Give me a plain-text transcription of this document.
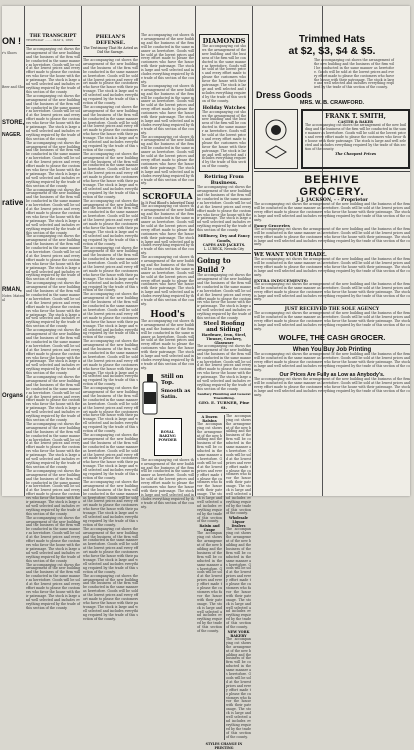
ON !
r's Shoes
Beer and Sho
STORE,
NAGER.
rative
RMAN,
Notes Material
Organs
THE TRANSCRIPT
THURSDAY ........ MAY 2, 1895
The accompanying cut shows the arrangement of the new building and the business of the firm will be conducted in the same manner as heretofore. Goods will be sold at the lowest prices and every effort made to please the customers who favor the house with their patronage. The stock is large and well selected and includes everything required by the trade of this section of the county.
The accompanying cut shows the arrangement of the new building and the business of the firm will be conducted in the same manner as heretofore. Goods will be sold at the lowest prices and every effort made to please the customers who favor the house with their patronage. The stock is large and well selected and includes everything required by the trade of this section of the county.
The accompanying cut shows the arrangement of the new building and the business of the firm will be conducted in the same manner as heretofore. Goods will be sold at the lowest prices and every effort made to please the customers who favor the house with their patronage. The stock is large and well selected and includes everything required by the trade of this section of the county.
The accompanying cut shows the arrangement of the new building and the business of the firm will be conducted in the same manner as heretofore. Goods will be sold at the lowest prices and every effort made to please the customers who favor the house with their patronage. The stock is large and well selected and includes everything required by the trade of this section of the county.
The accompanying cut shows the arrangement of the new building and the business of the firm will be conducted in the same manner as heretofore. Goods will be sold at the lowest prices and every effort made to please the customers who favor the house with their patronage. The stock is large and well selected and includes everything required by the trade of this section of the county.
The accompanying cut shows the arrangement of the new building and the business of the firm will be conducted in the same manner as heretofore. Goods will be sold at the lowest prices and every effort made to please the customers who favor the house with their patronage. The stock is large and well selected and includes everything required by the trade of this section of the county.
The accompanying cut shows the arrangement of the new building and the business of the firm will be conducted in the same manner as heretofore. Goods will be sold at the lowest prices and every effort made to please the customers who favor the house with their patronage. The stock is large and well selected and includes everything required by the trade of this section of the county.
The accompanying cut shows the arrangement of the new building and the business of the firm will be conducted in the same manner as heretofore. Goods will be sold at the lowest prices and every effort made to please the customers who favor the house with their patronage. The stock is large and well selected and includes everything required by the trade of this section of the county.
The accompanying cut shows the arrangement of the new building and the business of the firm will be conducted in the same manner as heretofore. Goods will be sold at the lowest prices and every effort made to please the customers who favor the house with their patronage. The stock is large and well selected and includes everything required by the trade of this section of the county.
The accompanying cut shows the arrangement of the new building and the business of the firm will be conducted in the same manner as heretofore. Goods will be sold at the lowest prices and every effort made to please the customers who favor the house with their patronage. The stock is large and well selected and includes everything required by the trade of this section of the county.
The accompanying cut shows the arrangement of the new building and the business of the firm will be conducted in the same manner as heretofore. Goods will be sold at the lowest prices and every effort made to please the customers who favor the house with their patronage. The stock is large and well selected and includes everything required by the trade of this section of the county.
The accompanying cut shows the arrangement of the new building and the business of the firm will be conducted in the same manner as heretofore. Goods will be sold at the lowest prices and every effort made to please the customers who favor the house with their patronage. The stock is large and well selected and includes everything required by the trade of this section of the county.
PHELAN'S DEFENSE.
The Testimony That He Acted as Did the Savage.
The accompanying cut shows the arrangement of the new building and the business of the firm will be conducted in the same manner as heretofore. Goods will be sold at the lowest prices and every effort made to please the customers who favor the house with their patronage. The stock is large and well selected and includes everything required by the trade of this section of the county.
The accompanying cut shows the arrangement of the new building and the business of the firm will be conducted in the same manner as heretofore. Goods will be sold at the lowest prices and every effort made to please the customers who favor the house with their patronage. The stock is large and well selected and includes everything required by the trade of this section of the county.
The accompanying cut shows the arrangement of the new building and the business of the firm will be conducted in the same manner as heretofore. Goods will be sold at the lowest prices and every effort made to please the customers who favor the house with their patronage. The stock is large and well selected and includes everything required by the trade of this section of the county.
The accompanying cut shows the arrangement of the new building and the business of the firm will be conducted in the same manner as heretofore. Goods will be sold at the lowest prices and every effort made to please the customers who favor the house with their patronage. The stock is large and well selected and includes everything required by the trade of this section of the county.
The accompanying cut shows the arrangement of the new building and the business of the firm will be conducted in the same manner as heretofore. Goods will be sold at the lowest prices and every effort made to please the customers who favor the house with their patronage. The stock is large and well selected and includes everything required by the trade of this section of the county.
The accompanying cut shows the arrangement of the new building and the business of the firm will be conducted in the same manner as heretofore. Goods will be sold at the lowest prices and every effort made to please the customers who favor the house with their patronage. The stock is large and well selected and includes everything required by the trade of this section of the county.
The accompanying cut shows the arrangement of the new building and the business of the firm will be conducted in the same manner as heretofore. Goods will be sold at the lowest prices and every effort made to please the customers who favor the house with their patronage. The stock is large and well selected and includes everything required by the trade of this section of the county.
The accompanying cut shows the arrangement of the new building and the business of the firm will be conducted in the same manner as heretofore. Goods will be sold at the lowest prices and every effort made to please the customers who favor the house with their patronage. The stock is large and well selected and includes everything required by the trade of this section of the county.
The accompanying cut shows the arrangement of the new building and the business of the firm will be conducted in the same manner as heretofore. Goods will be sold at the lowest prices and every effort made to please the customers who favor the house with their patronage. The stock is large and well selected and includes everything required by the trade of this section of the county.
The accompanying cut shows the arrangement of the new building and the business of the firm will be conducted in the same manner as heretofore. Goods will be sold at the lowest prices and every effort made to please the customers who favor the house with their patronage. The stock is large and well selected and includes everything required by the trade of this section of the county.
The accompanying cut shows the arrangement of the new building and the business of the firm will be conducted in the same manner as heretofore. Goods will be sold at the lowest prices and every effort made to please the customers who favor the house with their patronage. The stock is large and well selected and includes everything required by the trade of this section of the county.
The accompanying cut shows the arrangement of the new building and the business of the firm will be conducted in the same manner as heretofore. Goods will be sold at the lowest prices and every effort made to please the customers who favor the house with their patronage. The stock is large and well selected and includes everything required by the trade of this section of the county.
The accompanying cut shows the arrangement of the new building and the business of the firm will be conducted in the same manner as heretofore. Goods will be sold at the lowest prices and every effort made to please the customers who favor the house with their patronage. The stock is large and well selected and includes everything required by the trade of this section of the county.
The accompanying cut shows the arrangement of the new building and the business of the firm will be conducted in the same manner as heretofore. Goods will be sold at the lowest prices and every effort made to please the customers who favor the house with their patronage. The stock is large and well selected and includes everything required by the trade of this section of the county.
The accompanying cut shows the arrangement of the new building and the business of the firm will be conducted in the same manner as heretofore. Goods will be sold at the lowest prices and every effort made to please the customers who favor the house with their patronage. The stock is large and well selected and includes everything required by the trade of this section of the county.
SCROFULA
In It Foul Blood's Inherited Taint
The accompanying cut shows the arrangement of the new building and the business of the firm will be conducted in the same manner as heretofore. Goods will be sold at the lowest prices and every effort made to please the customers who favor the house with their patronage. The stock is large and well selected and includes everything required by the trade of this section of the county.
The accompanying cut shows the arrangement of the new building and the business of the firm will be conducted in the same manner as heretofore. Goods will be sold at the lowest prices and every effort made to please the customers who favor the house with their patronage. The stock is large and well selected and includes everything required by the trade of this section of the county.
Hood's
The accompanying cut shows the arrangement of the new building and the business of the firm will be conducted in the same manner as heretofore. Goods will be sold at the lowest prices and every effort made to please the customers who favor the house with their patronage. The stock is large and well selected and includes everything required by the trade of this section of the county.
Still on Top.
Smooth as Satin.
ROYAL BAKING POWDER
The accompanying cut shows the arrangement of the new building and the business of the firm will be conducted in the same manner as heretofore. Goods will be sold at the lowest prices and every effort made to please the customers who favor the house with their patronage. The stock is large and well selected and includes everything required by the trade of this section of the county.
DIAMONDS
The accompanying cut shows the arrangement of the new building and the business of the firm will be conducted in the same manner as heretofore. Goods will be sold at the lowest prices and every effort made to please the customers who favor the house with their patronage. The stock is large and well selected and includes everything required by the trade of this section of the county.
Holiday Watches
The accompanying cut shows the arrangement of the new building and the business of the firm will be conducted in the same manner as heretofore. Goods will be sold at the lowest prices and every effort made to please the customers who favor the house with their patronage. The stock is large and well selected and includes everything required by the trade of this section of the county.
Retiring From Business.
The accompanying cut shows the arrangement of the new building and the business of the firm will be conducted in the same manner as heretofore. Goods will be sold at the lowest prices and every effort made to please the customers who favor the house with their patronage. The stock is large and well selected and includes everything required by the trade of this section of the county.
Millinery, Dry and Fancy Goods,
CAPES AND JACKETS.
L. LUBECK, Nevada City
Going to Build ?
The accompanying cut shows the arrangement of the new building and the business of the firm will be conducted in the same manner as heretofore. Goods will be sold at the lowest prices and every effort made to please the customers who favor the house with their patronage. The stock is large and well selected and includes everything required by the trade of this section of the county.
Steel Roofing and Siding!
Hardware, Iron, Steel,
Tinware, Crockery, Glassware
The accompanying cut shows the arrangement of the new building and the business of the firm will be conducted in the same manner as heretofore. Goods will be sold at the lowest prices and every effort made to please the customers who favor the house with their patronage. The stock is large and well selected and includes everything required by the trade of this section of the county.
Sanitary Plumbing and General Tinsmithing.
GEO. E. TURNER, Pine St.
A Dozen Raisins
The accompanying cut shows the arrangement of the new building and the business of the firm will be conducted in the same manner as heretofore. Goods will be sold at the lowest prices and every effort made to please the customers who favor the house with their patronage. The stock is large and well selected and includes everything required by the trade of this section of the county.
Raisin and Grape
The accompanying cut shows the arrangement of the new building and the business of the firm will be conducted in the same manner as heretofore. Goods will be sold at the lowest prices and every effort made to please the customers who favor the house with their patronage. The stock is large and well selected and includes everything required by the trade of this section of the county.
The accompanying cut shows the arrangement of the new building and the business of the firm will be conducted in the same manner as heretofore. Goods will be sold at the lowest prices and every effort made to please the customers who favor the house with their patronage. The stock is large and well selected and includes everything required by the trade of this section of the county.
Wholesale Liquor Dealers
The accompanying cut shows the arrangement of the new building and the business of the firm will be conducted in the same manner as heretofore. Goods will be sold at the lowest prices and every effort made to please the customers who favor the house with their patronage. The stock is large and well selected and includes everything required by the trade of this section of the county.
NEW YORK BAKERY
The accompanying cut shows the arrangement of the new building and the business of the firm will be conducted in the same manner as heretofore. Goods will be sold at the lowest prices and every effort made to please the customers who favor the house with their patronage. The stock is large and well selected and includes everything required by the trade of this section of the county.
STYLES CHANGE IN PRINTING
Trimmed Hats
at $2, $3, $4 & $5.
The accompanying cut shows the arrangement of the new building and the business of the firm will be conducted in the same manner as heretofore. Goods will be sold at the lowest prices and every effort made to please the customers who favor the house with their patronage. The stock is large and well selected and includes everything required by the trade of this section of the county.
Dress Goods
MRS. W. B. CRAWFORD.
FRANK T. SMITH,
CASTER & BAKER
The accompanying cut shows the arrangement of the new building and the business of the firm will be conducted in the same manner as heretofore. Goods will be sold at the lowest prices and every effort made to please the customers who favor the house with their patronage. The stock is large and well selected and includes everything required by the trade of this section of the county.
The Cheapest Prices
BEEHIVE
GROCERY.
J. J. JACKSON, - - Proprietor
The accompanying cut shows the arrangement of the new building and the business of the firm will be conducted in the same manner as heretofore. Goods will be sold at the lowest prices and every effort made to please the customers who favor the house with their patronage. The stock is large and well selected and includes everything required by the trade of this section of the county.
Fancy Groceries
The accompanying cut shows the arrangement of the new building and the business of the firm will be conducted in the same manner as heretofore. Goods will be sold at the lowest prices and every effort made to please the customers who favor the house with their patronage. The stock is large and well selected and includes everything required by the trade of this section of the county.
WE WANT YOUR TRADE.
The accompanying cut shows the arrangement of the new building and the business of the firm will be conducted in the same manner as heretofore. Goods will be sold at the lowest prices and every effort made to please the customers who favor the house with their patronage. The stock is large and well selected and includes everything required by the trade of this section of the county.
EXTRA INDUCEMENTS:
The accompanying cut shows the arrangement of the new building and the business of the firm will be conducted in the same manner as heretofore. Goods will be sold at the lowest prices and every effort made to please the customers who favor the house with their patronage. The stock is large and well selected and includes everything required by the trade of this section of the county.
JUST RECEIVED THE SOLE AGENCY
The accompanying cut shows the arrangement of the new building and the business of the firm will be conducted in the same manner as heretofore. Goods will be sold at the lowest prices and every effort made to please the customers who favor the house with their patronage. The stock is large and well selected and includes everything required by the trade of this section of the county.
WOLFE, THE CASH GROCER.
When You Buy Job Printing
The accompanying cut shows the arrangement of the new building and the business of the firm will be conducted in the same manner as heretofore. Goods will be sold at the lowest prices and every effort made to please the customers who favor the house with their patronage. The stock is large and well selected and includes everything required by the trade of this section of the county.
Our Prices Are Fully as Low as Anybody's.
The accompanying cut shows the arrangement of the new building and the business of the firm will be conducted in the same manner as heretofore. Goods will be sold at the lowest prices and every effort made to please the customers who favor the house with their patronage. The stock is large and well selected and includes everything required by the trade of this section of the county.
